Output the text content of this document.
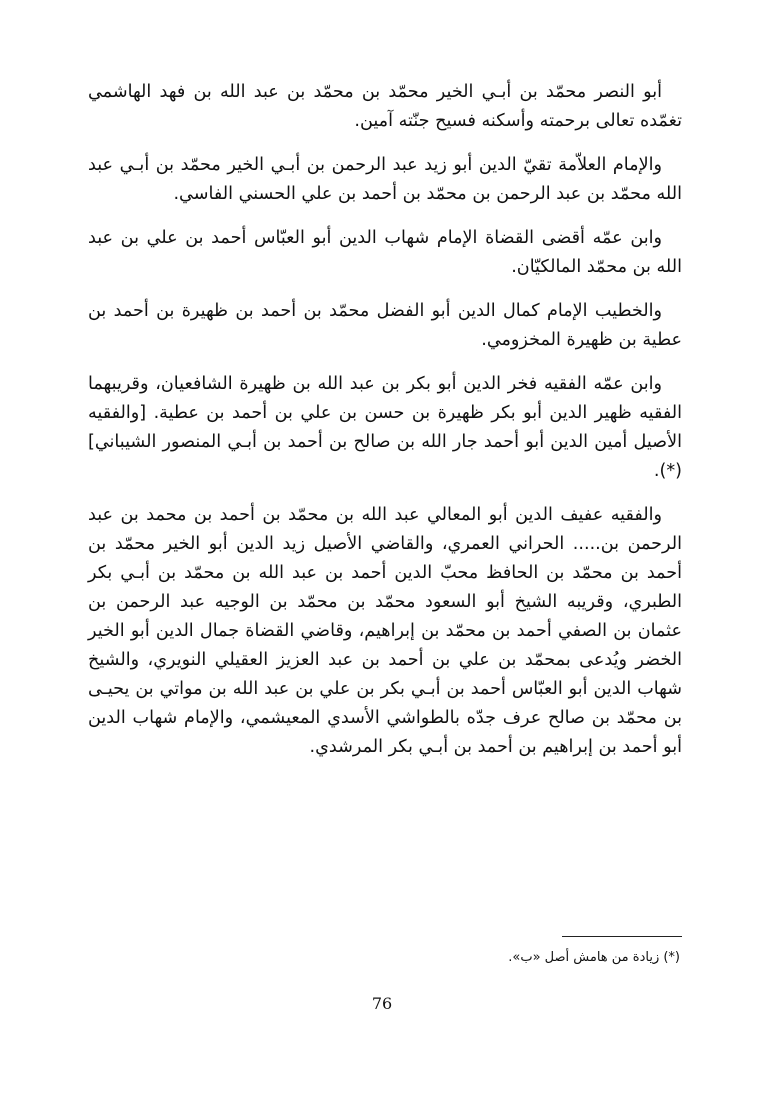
أبو النصر محمّد بن أبـي الخير محمّد بن محمّد بن عبد الله بن فهد الهاشمي تغمّده تعالى برحمته وأسكنه فسيح جنّته آمين.

والإمام العلاّمة تقيّ الدين أبو زيد عبد الرحمن بن أبـي الخير محمّد بن أبـي عبد الله محمّد بن عبد الرحمن بن محمّد بن أحمد بن علي الحسني الفاسي.

وابن عمّه أقضى القضاة الإمام شهاب الدين أبو العبّاس أحمد بن علي بن عبد الله بن محمّد المالكيّان.

والخطيب الإمام كمال الدين أبو الفضل محمّد بن أحمد بن ظهيرة بن أحمد بن عطية بن ظهيرة المخزومي.

وابن عمّه الفقيه فخر الدين أبو بكر بن عبد الله بن ظهيرة الشافعيان، وقريبهما الفقيه ظهير الدين أبو بكر ظهيرة بن حسن بن علي بن أحمد بن عطية. [والفقيه الأصيل أمين الدين أبو أحمد جار الله بن صالح بن أحمد بن أبـي المنصور الشيباني](*).

والفقيه عفيف الدين أبو المعالي عبد الله بن محمّد بن أحمد بن محمد بن عبد الرحمن بن..... الحراني العمري، والقاضي الأصيل زيد الدين أبو الخير محمّد بن أحمد بن محمّد بن الحافظ محبّ الدين أحمد بن عبد الله بن محمّد بن أبـي بكر الطبري، وقريبه الشيخ أبو السعود محمّد بن محمّد بن الوجيه عبد الرحمن بن عثمان بن الصفي أحمد بن محمّد بن إبراهيم، وقاضي القضاة جمال الدين أبو الخير الخضر ويُدعى بمحمّد بن علي بن أحمد بن عبد العزيز العقيلي النويري، والشيخ شهاب الدين أبو العبّاس أحمد بن أبـي بكر بن علي بن عبد الله بن مواتي بن يحيـى بن محمّد بن صالح عرف جدّه بالطواشي الأسدي المعيشمي، والإمام شهاب الدين أبو أحمد بن إبراهيم بن أحمد بن أبـي بكر المرشدي.

(*) زيادة من هامش أصل «ب».
76
